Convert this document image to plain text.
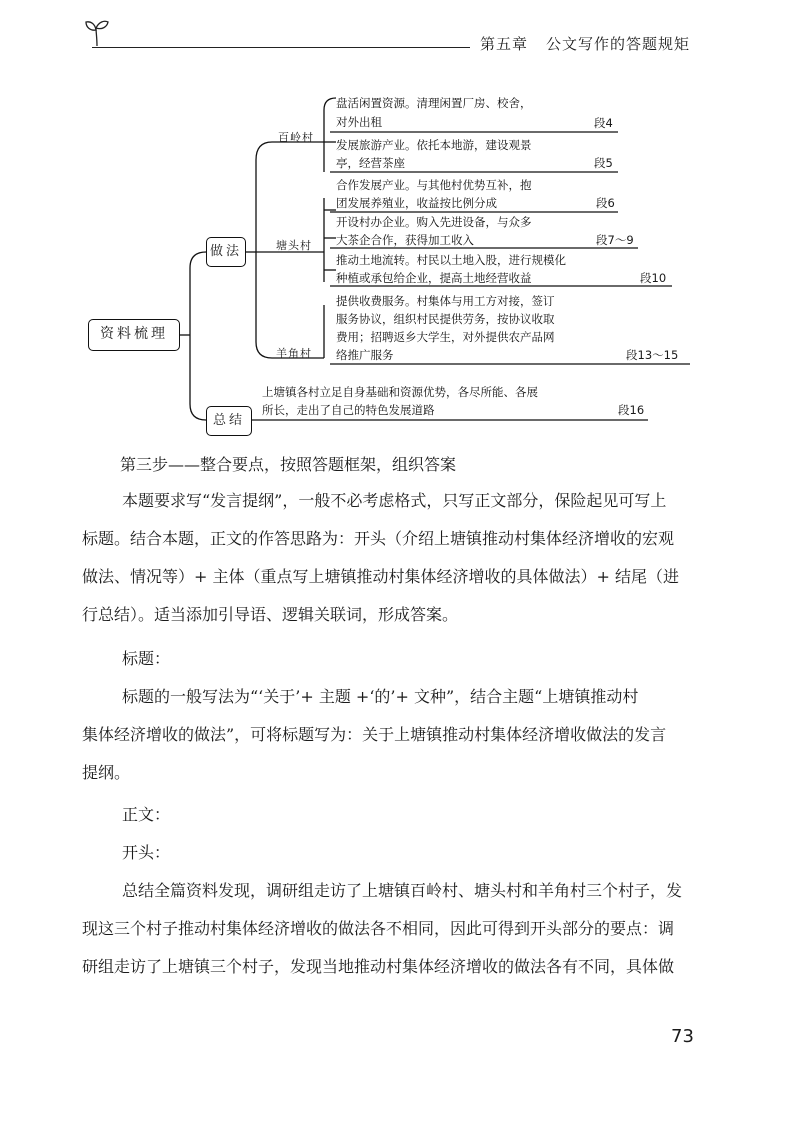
第五章 公文写作的答题规矩
资料梳理
做法
总结
百岭村
塘头村
羊角村
盘活闲置资源。清理闲置厂房、校舍，
对外出租	段4
发展旅游产业。依托本地游，建设观景
亭，经营茶座	段5
合作发展产业。与其他村优势互补，抱
团发展养殖业，收益按比例分成	段6
开设村办企业。购入先进设备，与众多
大茶企合作，获得加工收入	段7～9
推动土地流转。村民以土地入股，进行规模化
种植或承包给企业，提高土地经营收益	段10
提供收费服务。村集体与用工方对接，签订
服务协议，组织村民提供劳务，按协议收取
费用；招聘返乡大学生，对外提供农产品网
络推广服务	段13～15
上塘镇各村立足自身基础和资源优势，各尽所能、各展
所长，走出了自己的特色发展道路	段16
第三步——整合要点，按照答题框架，组织答案
本题要求写“发言提纲”，一般不必考虑格式，只写正文部分，保险起见可写上
标题。结合本题，正文的作答思路为：开头（介绍上塘镇推动村集体经济增收的宏观
做法、情况等）+ 主体（重点写上塘镇推动村集体经济增收的具体做法）+ 结尾（进
行总结）。适当添加引导语、逻辑关联词，形成答案。
标题：
标题的一般写法为“‘关于’+ 主题 +‘的’+ 文种”，结合主题“上塘镇推动村
集体经济增收的做法”，可将标题写为：关于上塘镇推动村集体经济增收做法的发言
提纲。
正文：
开头：
总结全篇资料发现，调研组走访了上塘镇百岭村、塘头村和羊角村三个村子，发
现这三个村子推动村集体经济增收的做法各不相同，因此可得到开头部分的要点：调
研组走访了上塘镇三个村子，发现当地推动村集体经济增收的做法各有不同，具体做
73
